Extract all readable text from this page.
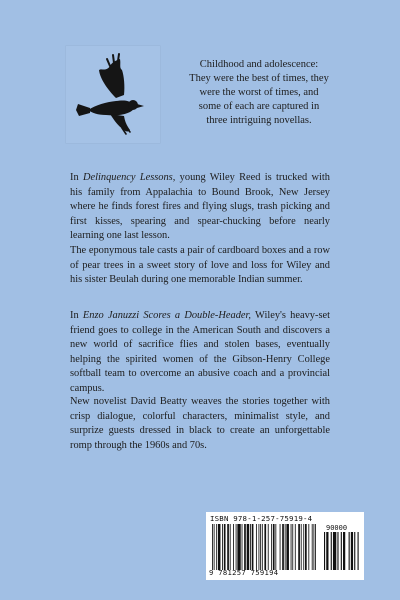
Childhood and adolescence:
They were the best of times, they
were the worst of times, and
some of each are captured in
three intriguing novellas.
In Delinquency Lessons, young Wiley Reed is trucked with his family from Appalachia to Bound Brook, New Jersey where he finds forest fires and flying slugs, trash picking and first kisses, spearing and spear-chucking before nearly learning one last lesson.
The eponymous tale casts a pair of cardboard boxes and a row of pear trees in a sweet story of love and loss for Wiley and his sister Beulah during one memorable Indian summer.
In Enzo Januzzi Scores a Double-Header, Wiley's heavy-set friend goes to college in the American South and discovers a new world of sacrifice flies and stolen bases, eventually helping the spirited women of the Gibson-Henry College softball team to overcome an abusive coach and a provincial campus.
New novelist David Beatty weaves the stories together with crisp dialogue, colorful characters, minimalist style, and surprize guests dressed in black to create an unforgettable romp through the 1960s and 70s.
ISBN 978-1-257-75919-4
90000
9 781257 759194
